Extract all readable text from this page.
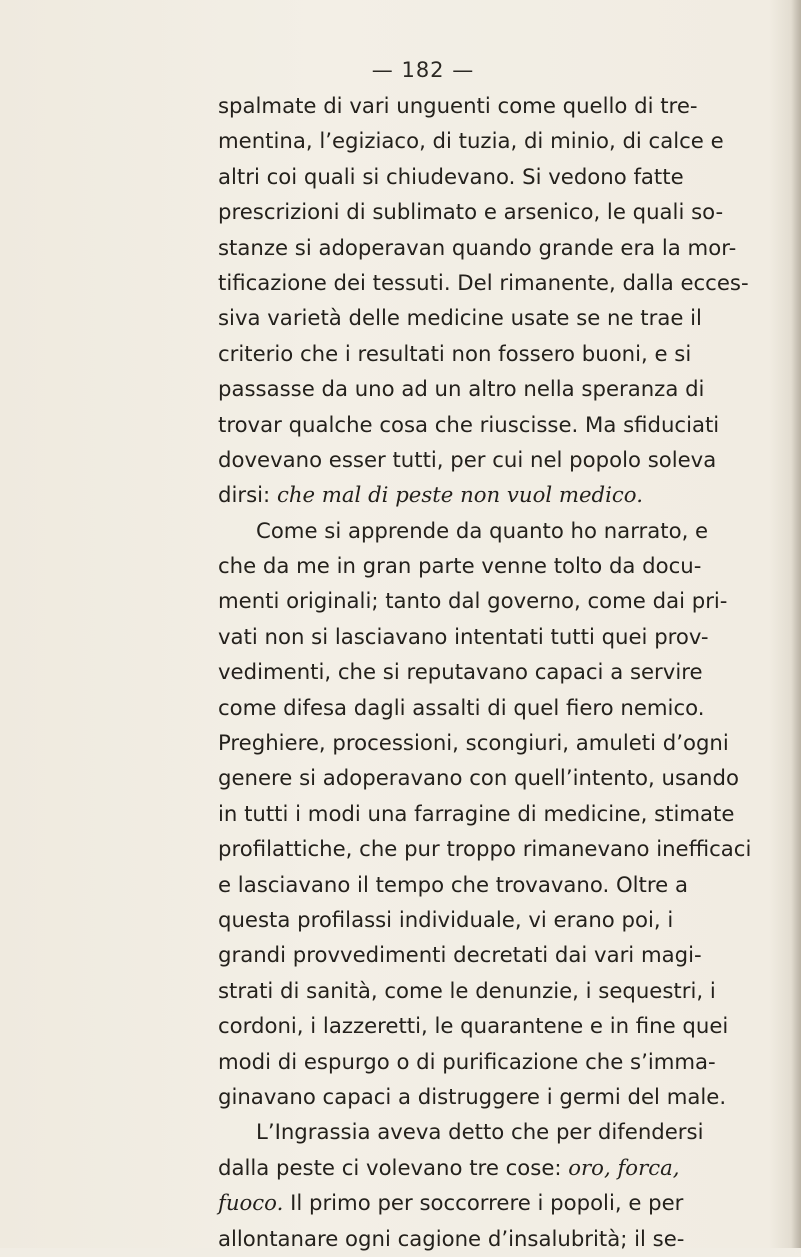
— 182 —
spalmate di vari unguenti come quello di tre-
mentina, l’egiziaco, di tuzia, di minio, di calce e
altri coi quali si chiudevano. Si vedono fatte
prescrizioni di sublimato e arsenico, le quali so-
stanze si adoperavan quando grande era la mor-
tificazione dei tessuti. Del rimanente, dalla ecces-
siva varietà delle medicine usate se ne trae il
criterio che i resultati non fossero buoni, e si
passasse da uno ad un altro nella speranza di
trovar qualche cosa che riuscisse. Ma sfiduciati
dovevano esser tutti, per cui nel popolo soleva
dirsi: che mal di peste non vuol medico.
Come si apprende da quanto ho narrato, e
che da me in gran parte venne tolto da docu-
menti originali; tanto dal governo, come dai pri-
vati non si lasciavano intentati tutti quei prov-
vedimenti, che si reputavano capaci a servire
come difesa dagli assalti di quel fiero nemico.
Preghiere, processioni, scongiuri, amuleti d’ogni
genere si adoperavano con quell’intento, usando
in tutti i modi una farragine di medicine, stimate
profilattiche, che pur troppo rimanevano inefficaci
e lasciavano il tempo che trovavano. Oltre a
questa profilassi individuale, vi erano poi, i
grandi provvedimenti decretati dai vari magi-
strati di sanità, come le denunzie, i sequestri, i
cordoni, i lazzeretti, le quarantene e in fine quei
modi di espurgo o di purificazione che s’imma-
ginavano capaci a distruggere i germi del male.
L’Ingrassia aveva detto che per difendersi
dalla peste ci volevano tre cose: oro, forca,
fuoco. Il primo per soccorrere i popoli, e per
allontanare ogni cagione d’insalubrità; il se-
